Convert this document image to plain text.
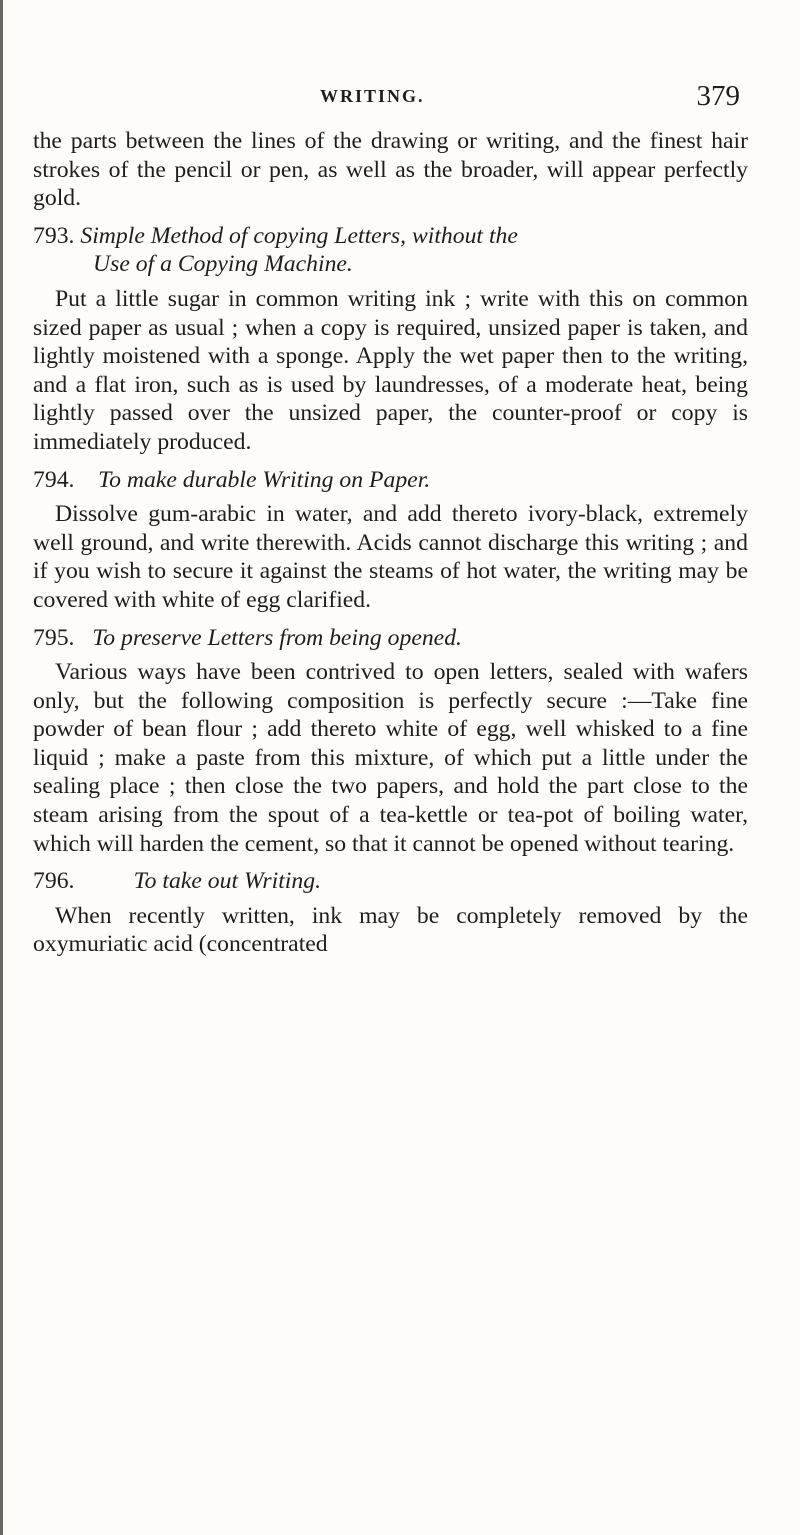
WRITING.	379

the parts between the lines of the drawing or writing, and the finest hair strokes of the pencil or pen, as well as the broader, will appear perfectly gold.

793. Simple Method of copying Letters, without the
Use of a Copying Machine.

Put a little sugar in common writing ink ; write with this on common sized paper as usual ; when a copy is required, unsized paper is taken, and lightly moistened with a sponge. Apply the wet paper then to the writing, and a flat iron, such as is used by laundresses, of a moderate heat, being lightly passed over the unsized paper, the counter-proof or copy is immediately produced.

794. To make durable Writing on Paper.

Dissolve gum-arabic in water, and add thereto ivory-black, extremely well ground, and write therewith. Acids cannot discharge this writing ; and if you wish to secure it against the steams of hot water, the writing may be covered with white of egg clarified.

795. To preserve Letters from being opened.

Various ways have been contrived to open letters, sealed with wafers only, but the following composition is perfectly secure :—Take fine powder of bean flour ; add thereto white of egg, well whisked to a fine liquid ; make a paste from this mixture, of which put a little under the sealing place ; then close the two papers, and hold the part close to the steam arising from the spout of a tea-kettle or tea-pot of boiling water, which will harden the cement, so that it cannot be opened without tearing.

796. To take out Writing.

When recently written, ink may be completely removed by the oxymuriatic acid (concentrated
